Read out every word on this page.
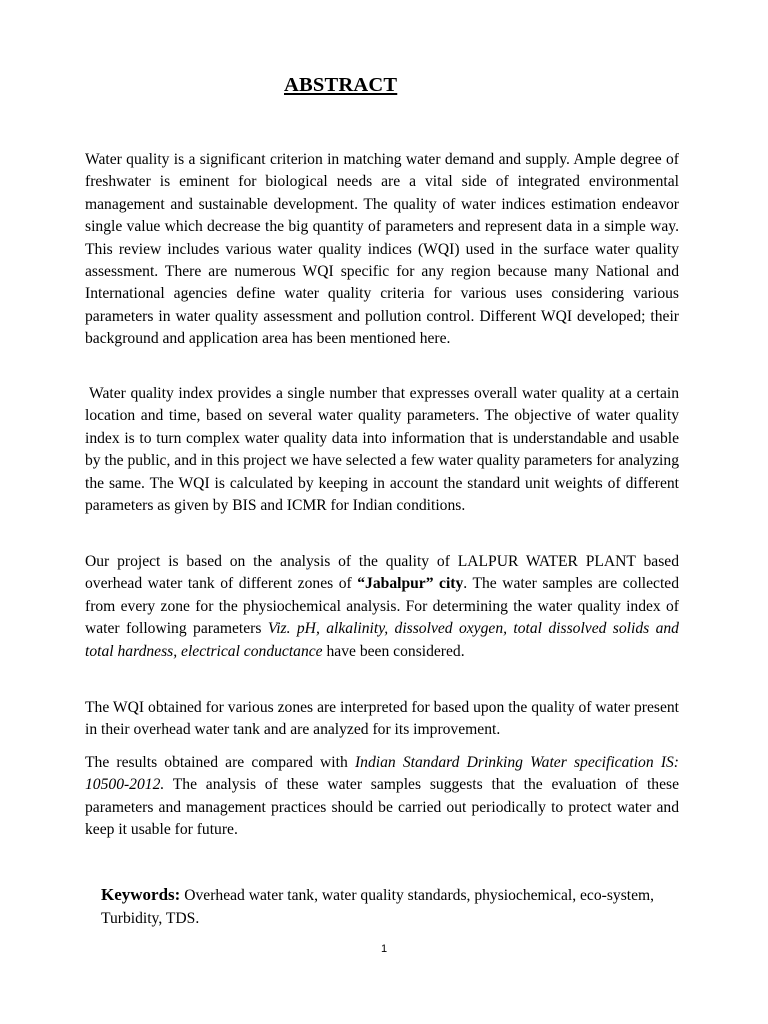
ABSTRACT

Water quality is a significant criterion in matching water demand and supply. Ample degree of freshwater is eminent for biological needs are a vital side of integrated environmental management and sustainable development. The quality of water indices estimation endeavor single value which decrease the big quantity of parameters and represent data in a simple way. This review includes various water quality indices (WQI) used in the surface water quality assessment. There are numerous WQI specific for any region because many National and International agencies define water quality criteria for various uses considering various parameters in water quality assessment and pollution control. Different WQI developed; their background and application area has been mentioned here.

Water quality index provides a single number that expresses overall water quality at a certain location and time, based on several water quality parameters. The objective of water quality index is to turn complex water quality data into information that is understandable and usable by the public, and in this project we have selected a few water quality parameters for analyzing the same. The WQI is calculated by keeping in account the standard unit weights of different parameters as given by BIS and ICMR for Indian conditions.

Our project is based on the analysis of the quality of LALPUR WATER PLANT based overhead water tank of different zones of “Jabalpur” city. The water samples are collected from every zone for the physiochemical analysis. For determining the water quality index of water following parameters Viz. pH, alkalinity, dissolved oxygen, total dissolved solids and total hardness, electrical conductance have been considered.

The WQI obtained for various zones are interpreted for based upon the quality of water present in their overhead water tank and are analyzed for its improvement.

The results obtained are compared with Indian Standard Drinking Water specification IS: 10500-2012. The analysis of these water samples suggests that the evaluation of these parameters and management practices should be carried out periodically to protect water and keep it usable for future.

Keywords: Overhead water tank, water quality standards, physiochemical, eco-system, Turbidity, TDS.

1
